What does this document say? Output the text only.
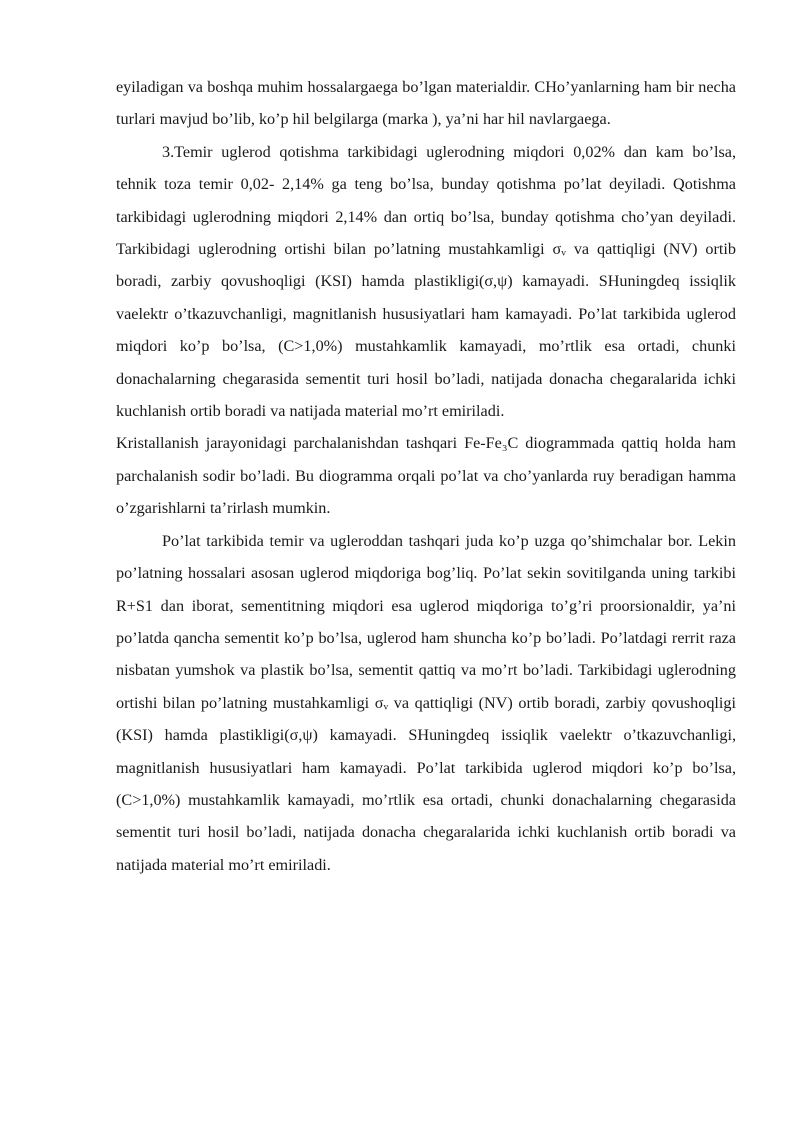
eyiladigan va boshqa muhim hossalargaega bo’lgan materialdir. CHo’yanlarning ham bir necha turlari mavjud bo’lib, ko’p hil belgilarga (marka ), ya’ni har hil navlargaega.

3.Temir uglerod qotishma tarkibidagi uglerodning miqdori 0,02% dan kam bo’lsa, tehnik toza temir 0,02- 2,14% ga teng bo’lsa, bunday qotishma po’lat deyiladi. Qotishma tarkibidagi uglerodning miqdori 2,14% dan ortiq bo’lsa, bunday qotishma cho’yan deyiladi. Tarkibidagi uglerodning ortishi bilan po’latning mustahkamligi σᵥ va qattiqligi (NV) ortib boradi, zarbiy qovushoqligi (KSI) hamda plastikligi(σ,ψ) kamayadi. SHuningdeq issiqlik vaelektr o’tkazuvchanligi, magnitlanish hususiyatlari ham kamayadi. Po’lat tarkibida uglerod miqdori ko’p bo’lsa, (C>1,0%) mustahkamlik kamayadi, mo’rtlik esa ortadi, chunki donachalarning chegarasida sementit turi hosil bo’ladi, natijada donacha chegaralarida ichki kuchlanish ortib boradi va natijada material mo’rt emiriladi.

Kristallanish jarayonidagi parchalanishdan tashqari Fe-Fe₃C diogrammada qattiq holda ham parchalanish sodir bo’ladi. Bu diogramma orqali po’lat va cho’yanlarda ruy beradigan hamma o’zgarishlarni ta’rirlash mumkin.

Po’lat tarkibida temir va ugleroddan tashqari juda ko’p uzga qo’shimchalar bor. Lekin po’latning hossalari asosan uglerod miqdoriga bog’liq. Po’lat sekin sovitilganda uning tarkibi R+S1 dan iborat, sementitning miqdori esa uglerod miqdoriga to’g’ri proorsionaldir, ya’ni po’latda qancha sementit ko’p bo’lsa, uglerod ham shuncha ko’p bo’ladi. Po’latdagi rerrit raza nisbatan yumshok va plastik bo’lsa, sementit qattiq va mo’rt bo’ladi. Tarkibidagi uglerodning ortishi bilan po’latning mustahkamligi σᵥ va qattiqligi (NV) ortib boradi, zarbiy qovushoqligi (KSI) hamda plastikligi(σ,ψ) kamayadi. SHuningdeq issiqlik vaelektr o’tkazuvchanligi, magnitlanish hususiyatlari ham kamayadi. Po’lat tarkibida uglerod miqdori ko’p bo’lsa, (C>1,0%) mustahkamlik kamayadi, mo’rtlik esa ortadi, chunki donachalarning chegarasida sementit turi hosil bo’ladi, natijada donacha chegaralarida ichki kuchlanish ortib boradi va natijada material mo’rt emiriladi.
